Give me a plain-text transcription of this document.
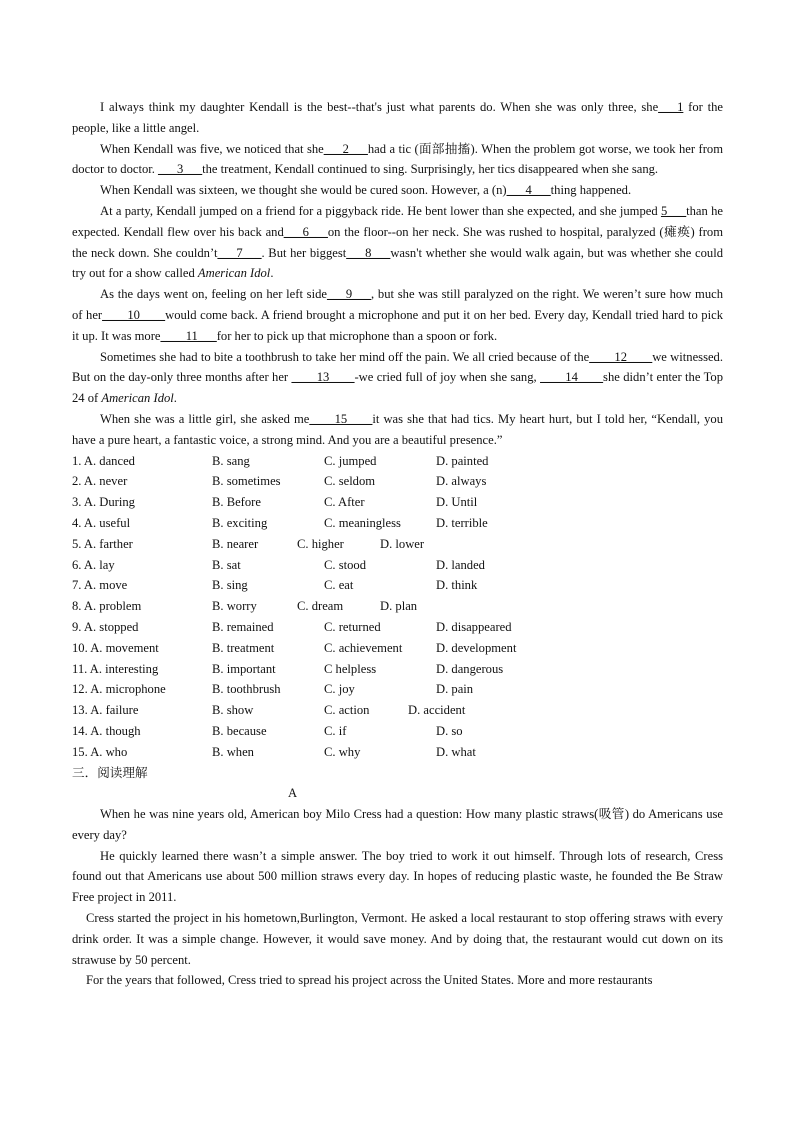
I always think my daughter Kendall is the best--that's just what parents do. When she was only three, she___1 for the people, like a little angel.

When Kendall was five, we noticed that she___2___had a tic (面部抽搐). When the problem got worse, we took her from doctor to doctor. ___3___the treatment, Kendall continued to sing. Surprisingly, her tics disappeared when she sang.

When Kendall was sixteen, we thought she would be cured soon. However, a (n)___4___thing happened.

At a party, Kendall jumped on a friend for a piggyback ride. He bent lower than she expected, and she jumped 5___than he expected. Kendall flew over his back and___6___on the floor--on her neck. She was rushed to hospital, paralyzed (瘫痪) from the neck down. She couldn’t___7___. But her biggest___8___wasn't whether she would walk again, but was whether she could try out for a show called American Idol.

As the days went on, feeling on her left side___9___, but she was still paralyzed on the right. We weren’t sure how much of her____10____would come back. A friend brought a microphone and put it on her bed. Every day, Kendall tried hard to pick it up. It was more____11___for her to pick up that microphone than a spoon or fork.

Sometimes she had to bite a toothbrush to take her mind off the pain. We all cried because of the____12____we witnessed. But on the day-only three months after her ____13____-we cried full of joy when she sang, ____14____she didn’t enter the Top 24 of American Idol.

When she was a little girl, she asked me____15____it was she that had tics. My heart hurt, but I told her, “Kendall, you have a pure heart, a fantastic voice, a strong mind. And you are a beautiful presence.”

1. A. danced	B. sang	C. jumped	D. painted
2. A. never	B. sometimes	C. seldom	D. always
3. A. During	B. Before	C. After	D. Until
4. A. useful	B. exciting	C. meaningless	D. terrible
5. A. farther	B. nearer	C. higher	D. lower
6. A. lay	B. sat	C. stood	D. landed
7. A. move	B. sing	C. eat	D. think
8. A. problem	B. worry	C. dream	D. plan
9. A. stopped	B. remained	C. returned	D. disappeared
10. A. movement	B. treatment	C. achievement	D. development
11. A. interesting	B. important	C helpless	D. dangerous
12. A. microphone	B. toothbrush	C. joy	D. pain
13. A. failure	B. show	C. action	D. accident
14. A. though	B. because	C. if	D. so
15. A. who	B. when	C. why	D. what
三．阅读理解
A

When he was nine years old, American boy Milo Cress had a question: How many plastic straws(吸管) do Americans use every day?

He quickly learned there wasn’t a simple answer. The boy tried to work it out himself. Through lots of research, Cress found out that Americans use about 500 million straws every day. In hopes of reducing plastic waste, he founded the Be Straw Free project in 2011.

Cress started the project in his hometown,Burlington, Vermont. He asked a local restaurant to stop offering straws with every drink order. It was a simple change. However, it would save money. And by doing that, the restaurant would cut down on its strawuse by 50 percent.

For the years that followed, Cress tried to spread his project across the United States. More and more restaurants
